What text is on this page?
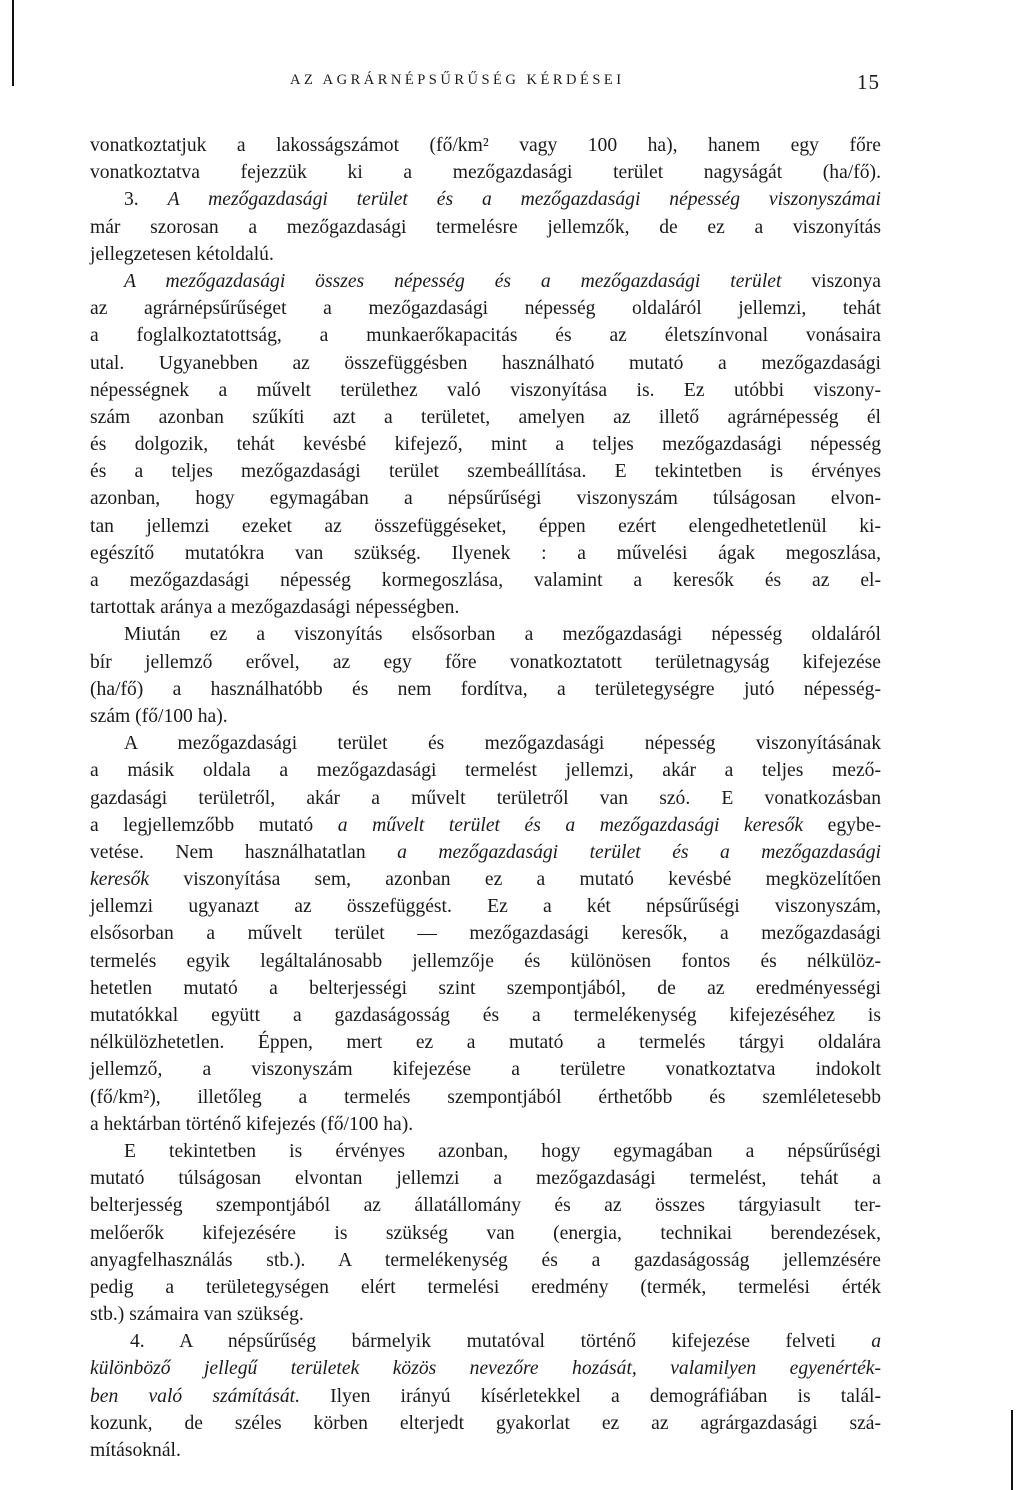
AZ AGRÁRNÉPSŰRŰSÉG KÉRDÉSEI	15
vonatkoztatjuk a lakosságszámot (fő/km² vagy 100 ha), hanem egy főre
vonatkoztatva fejezzük ki a mezőgazdasági terület nagyságát (ha/fő).
3. A mezőgazdasági terület és a mezőgazdasági népesség viszonyszámai
már szorosan a mezőgazdasági termelésre jellemzők, de ez a viszonyítás
jellegzetesen kétoldalú.
A mezőgazdasági összes népesség és a mezőgazdasági terület viszonya
az agrárnépsűrűséget a mezőgazdasági népesség oldaláról jellemzi, tehát
a foglalkoztatottság, a munkaerőkapacitás és az életszínvonal vonásaira
utal. Ugyanebben az összefüggésben használható mutató a mezőgazdasági
népességnek a művelt területhez való viszonyítása is. Ez utóbbi viszony-
szám azonban szűkíti azt a területet, amelyen az illető agrárnépesség él
és dolgozik, tehát kevésbé kifejező, mint a teljes mezőgazdasági népesség
és a teljes mezőgazdasági terület szembeállítása. E tekintetben is érvényes
azonban, hogy egymagában a népsűrűségi viszonyszám túlságosan elvon-
tan jellemzi ezeket az összefüggéseket, éppen ezért elengedhetetlenül ki-
egészítő mutatókra van szükség. Ilyenek : a művelési ágak megoszlása,
a mezőgazdasági népesség kormegoszlása, valamint a keresők és az el-
tartottak aránya a mezőgazdasági népességben.
Miután ez a viszonyítás elsősorban a mezőgazdasági népesség oldaláról
bír jellemző erővel, az egy főre vonatkoztatott területnagyság kifejezése
(ha/fő) a használhatóbb és nem fordítva, a területegységre jutó népesség-
szám (fő/100 ha).
A mezőgazdasági terület és mezőgazdasági népesség viszonyításának
a másik oldala a mezőgazdasági termelést jellemzi, akár a teljes mező-
gazdasági területről, akár a művelt területről van szó. E vonatkozásban
a legjellemzőbb mutató a művelt terület és a mezőgazdasági keresők egybe-
vetése. Nem használhatatlan a mezőgazdasági terület és a mezőgazdasági
keresők viszonyítása sem, azonban ez a mutató kevésbé megközelítően
jellemzi ugyanazt az összefüggést. Ez a két népsűrűségi viszonyszám,
elsősorban a művelt terület — mezőgazdasági keresők, a mezőgazdasági
termelés egyik legáltalánosabb jellemzője és különösen fontos és nélkülöz-
hetetlen mutató a belterjességi szint szempontjából, de az eredményességi
mutatókkal együtt a gazdaságosság és a termelékenység kifejezéséhez is
nélkülözhetetlen. Éppen, mert ez a mutató a termelés tárgyi oldalára
jellemző, a viszonyszám kifejezése a területre vonatkoztatva indokolt
(fő/km²), illetőleg a termelés szempontjából érthetőbb és szemléletesebb
a hektárban történő kifejezés (fő/100 ha).
E tekintetben is érvényes azonban, hogy egymagában a népsűrűségi
mutató túlságosan elvontan jellemzi a mezőgazdasági termelést, tehát a
belterjesség szempontjából az állatállomány és az összes tárgyiasult ter-
melőerők kifejezésére is szükség van (energia, technikai berendezések,
anyagfelhasználás stb.). A termelékenység és a gazdaságosság jellemzésére
pedig a területegységen elért termelési eredmény (termék, termelési érték
stb.) számaira van szükség.
4. A népsűrűség bármelyik mutatóval történő kifejezése felveti a
különböző jellegű területek közös nevezőre hozását, valamilyen egyenérték-
ben való számítását. Ilyen irányú kísérletekkel a demográfiában is talál-
kozunk, de széles körben elterjedt gyakorlat ez az agrárgazdasági szá-
mításoknál.
